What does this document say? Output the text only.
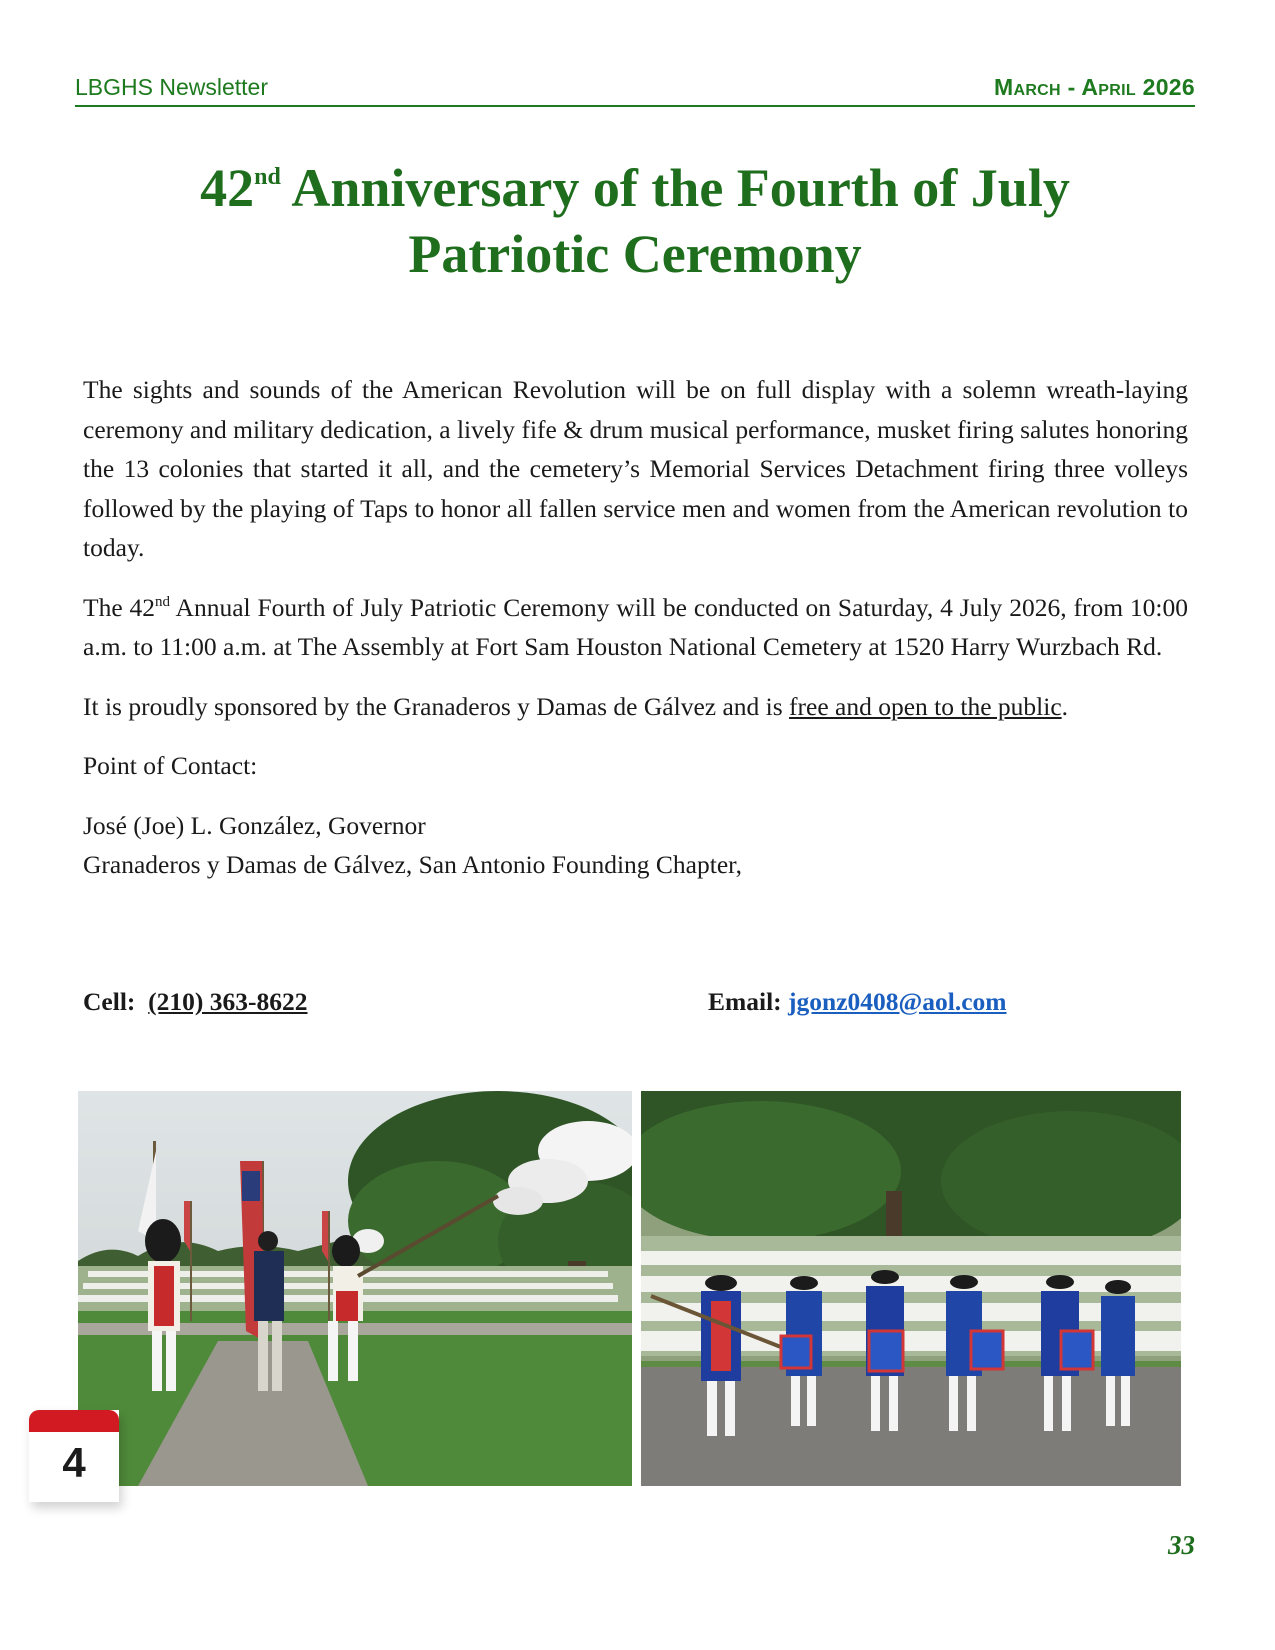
LBGHS Newsletter	March - April 2026
42nd Anniversary of the Fourth of July
Patriotic Ceremony

The sights and sounds of the American Revolution will be on full display with a solemn wreath-laying ceremony and military dedication, a lively fife & drum musical performance, musket firing salutes honoring the 13 colonies that started it all, and the cemetery’s Memorial Services Detachment firing three volleys followed by the playing of Taps to honor all fallen service men and women from the American revolution to today.

The 42nd Annual Fourth of July Patriotic Ceremony will be conducted on Saturday, 4 July 2026, from 10:00 a.m. to 11:00 a.m. at The Assembly at Fort Sam Houston National Cemetery at 1520 Harry Wurzbach Rd.

It is proudly sponsored by the Granaderos y Damas de Gálvez and is free and open to the public.

Point of Contact:

José (Joe) L. González, Governor
Granaderos y Damas de Gálvez, San Antonio Founding Chapter,
Cell: (210) 363-8622	Email: jgonz0408@aol.com
4
33
